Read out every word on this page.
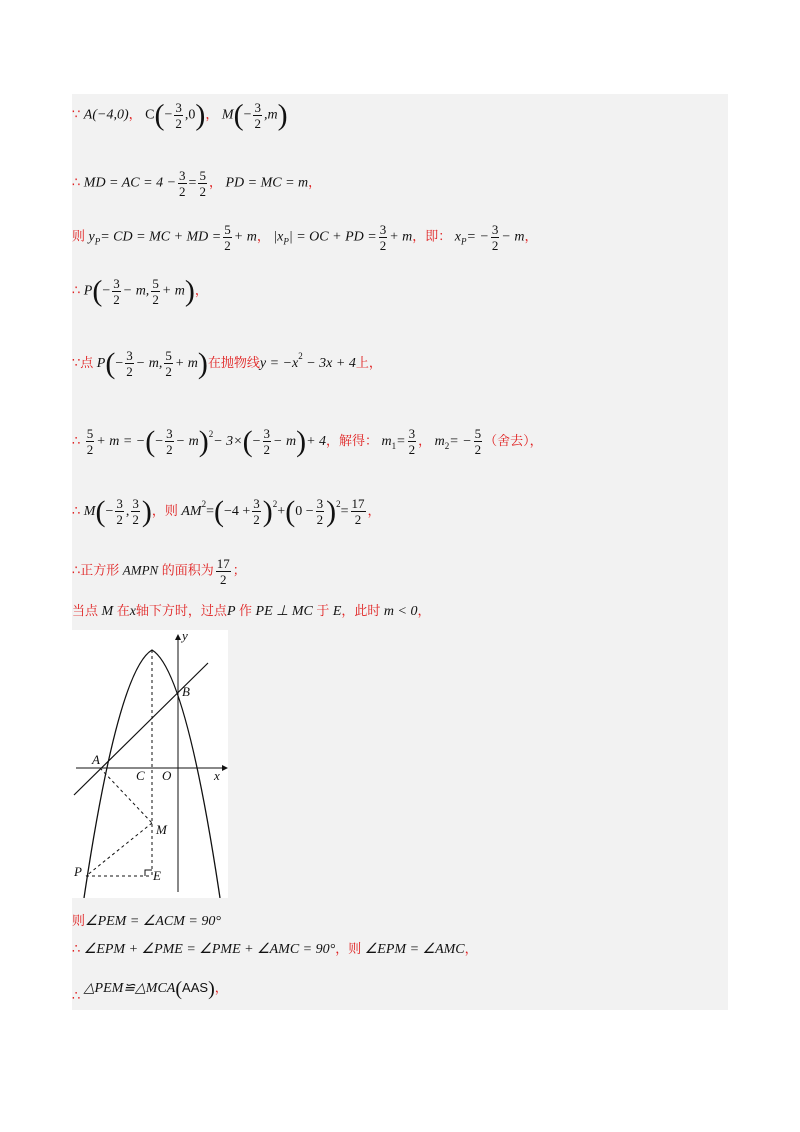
∵ A(−4,0)， $C(- \frac{3}{2} ,0)$， $M(- \frac{3}{2} ,m)$
∴ MD = AC = $4 - \frac{3}{2} = \frac{5}{2}$ ， PD = MC = m，
则 $y_P=$ CD = MC + MD = $\frac{5}{2} + m$， $|x_P|$ = OC + PD = $\frac{3}{2} + m$，即： $x_P= - \frac{3}{2} - m$，
∴ $P(- \frac{3}{2} - m$, $\frac{5}{2} + m$)，
∵点 $P(- \frac{3}{2} - m$, $\frac{5}{2} + m$)在抛物线$y = -x^2 - 3x + 4$上，
∴ $\frac{5}{2} + m$ = −(− $\frac{3}{2} - m)^2- 3\times(- \frac{3}{2} - m)+ 4$，解得： $m_1= \frac{3}{2}$ ， $m_2= - \frac{5}{2}$ （舍去），
∴ $M(- \frac{3}{2}$ , $\frac{3}{2}$ )，则 $AM^2=(-4 + \frac{3}{2} )^2+(0 - \frac{3}{2} )^2= \frac{17}{2}$ ，
∴正方形 AMPN 的面积为 $\frac{17}{2}$ ；
当点 M 在x轴下方时，过点P 作 PE ⊥ MC 于 E，此时 m < 0，
y
x
A
B
C O
M
P	E
则∠PEM = ∠ACM = 90°
∴ ∠EPM + ∠PME = ∠PME + ∠AMC = 90°，则 ∠EPM = ∠AMC，
∴ △PEM≌△MCA(AAS)，
